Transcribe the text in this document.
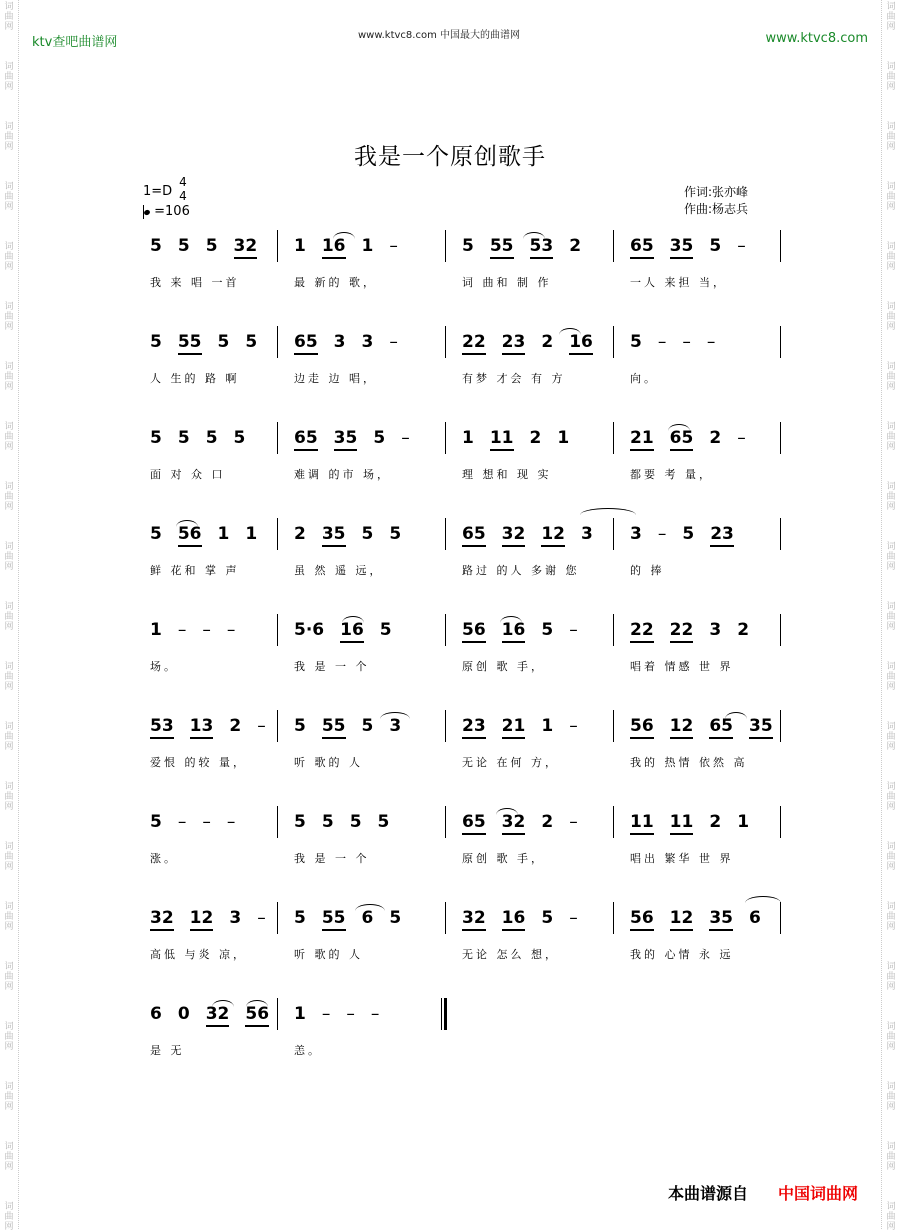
词
曲
网
词
曲
网
词
曲
网
词
曲
网
词
曲
网
词
曲
网
词
曲
网
词
曲
网
词
曲
网
词
曲
网
词
曲
网
词
曲
网
词
曲
网
词
曲
网
词
曲
网
词
曲
网
词
曲
网
词
曲
网
词
曲
网
词
曲
网
词
曲
网
词
曲
网
词
曲
网
词
曲
网
词
曲
网
词
曲
网
词
曲
网
词
曲
网
词
曲
网
词
曲
网
词
曲
网
词
曲
网
词
曲
网
词
曲
网
词
曲
网
词
曲
网
词
曲
网
词
曲
网
词
曲
网
词
曲
网
词
曲
网
词
曲
网
ktv查吧曲谱网	www.ktvc8.com 中国最大的曲谱网	www.ktvc8.com
我是一个原创歌手
1=D
4
4
=106
作词:张亦峰
作曲:杨志兵
5 5 5 32
我 来 唱 一首
1 16 1 –
最 新的 歌，
5 55 53 2
词 曲和 制 作
65 35 5 –
一人 来担 当，
5 55 5 5
人 生的 路 啊
65 3 3 –
边走 边 唱，
22 23 2 16
有梦 才会 有 方
5 – – –
向。
5 5 5 5
面 对 众 口
65 35 5 –
难调 的市 场，
1 11 2 1
理 想和 现 实
21 65 2 –
都要 考 量，
5 56 1 1
鲜 花和 掌 声
2 35 5 5
虽 然 遥 远，
65 32 12 3
路过 的人 多谢 您
3 – 5 23
的 捧
1 – – –
场。
5·6 16 5
我 是 一 个
56 16 5 –
原创 歌 手，
22 22 3 2
唱着 情感 世 界
53 13 2 –
爱恨 的较 量，
5 55 5 3
听 歌的 人
23 21 1 –
无论 在何 方，
56 12 65 35
我的 热情 依然 高
5 – – –
涨。
5 5 5 5
我 是 一 个
65 32 2 –
原创 歌 手，
11 11 2 1
唱出 繁华 世 界
32 12 3 –
高低 与炎 凉，
5 55 6 5
听 歌的 人
32 16 5 –
无论 怎么 想，
56 12 35 6
我的 心情 永 远
6 0 32 56
是 无
1 – – –
恙。
本曲谱源自 中国词曲网
